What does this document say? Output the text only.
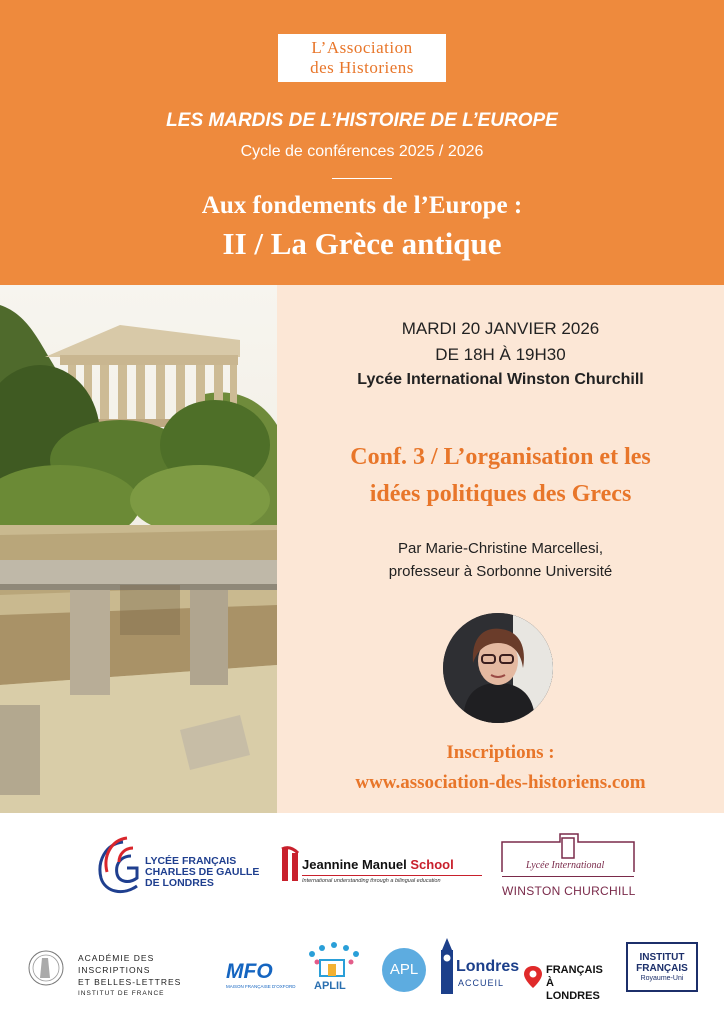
L’Association
des Historiens
LES MARDIS DE L’HISTOIRE DE L’EUROPE
Cycle de conférences 2025 / 2026
Aux fondements de l’Europe :
II / La Grèce antique
MARDI 20 JANVIER 2026
DE 18H À 19H30
Lycée International Winston Churchill
Conf. 3 / L’organisation et les
idées politiques des Grecs
Par Marie-Christine Marcellesi,
professeur à Sorbonne Université
Inscriptions :
www.association-des-historiens.com
LYCÉE FRANÇAIS
CHARLES DE GAULLE
DE LONDRES
Jeannine Manuel School
International understanding through a bilingual education
Lycée International
WINSTON CHURCHILL
ACADÉMIE DES INSCRIPTIONS
ET BELLES-LETTRES
INSTITUT DE FRANCE
MFO
MAISON FRANÇAISE D’OXFORD APLIL
APL	Londres
ACCUEIL
FRANÇAIS
À LONDRES
INSTITUT
FRANÇAIS
Royaume-Uni
